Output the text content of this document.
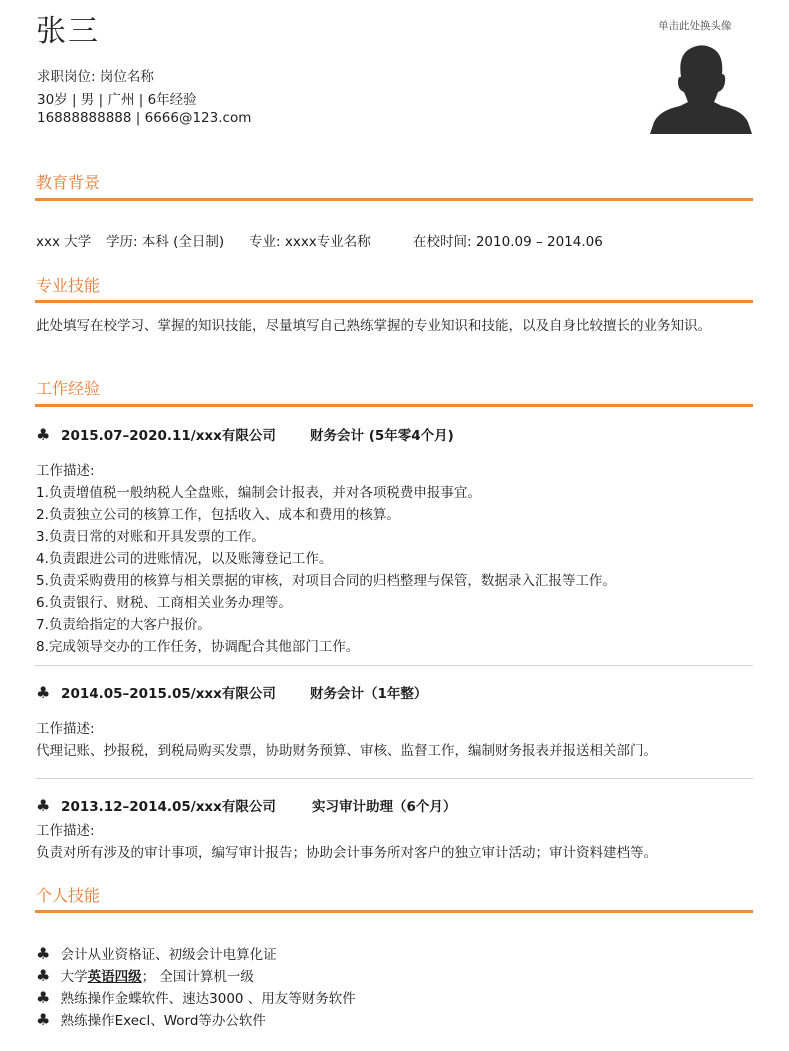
张三
求职岗位: 岗位名称
30岁 | 男 | 广州 | 6年经验
16888888888 | 6666@123.com
单击此处换头像
教育背景
xxx 大学 学历: 本科 (全日制) 专业: xxxx专业名称	在校时间: 2010.09 – 2014.06
专业技能
此处填写在校学习、掌握的知识技能，尽量填写自己熟练掌握的专业知识和技能，以及自身比较擅长的业务知识。
工作经验
♣ 2015.07–2020.11/xxx有限公司	财务会计 (5年零4个月)
工作描述:
1.负责增值税一般纳税人全盘账，编制会计报表，并对各项税费申报事宜。
2.负责独立公司的核算工作，包括收入、成本和费用的核算。
3.负责日常的对账和开具发票的工作。
4.负责跟进公司的进账情况，以及账簿登记工作。
5.负责采购费用的核算与相关票据的审核，对项目合同的归档整理与保管，数据录入汇报等工作。
6.负责银行、财税、工商相关业务办理等。
7.负责给指定的大客户报价。
8.完成领导交办的工作任务，协调配合其他部门工作。
♣ 2014.05–2015.05/xxx有限公司	财务会计（1年整）
工作描述:
代理记账、抄报税，到税局购买发票，协助财务预算、审核、监督工作，编制财务报表并报送相关部门。
♣ 2013.12–2014.05/xxx有限公司	实习审计助理（6个月）
工作描述:
负责对所有涉及的审计事项，编写审计报告；协助会计事务所对客户的独立审计活动；审计资料建档等。
个人技能
♣ 会计从业资格证、初级会计电算化证
♣ 大学英语四级； 全国计算机一级
♣ 熟练操作金蝶软件、速达3000 、用友等财务软件
♣ 熟练操作Execl、Word等办公软件
